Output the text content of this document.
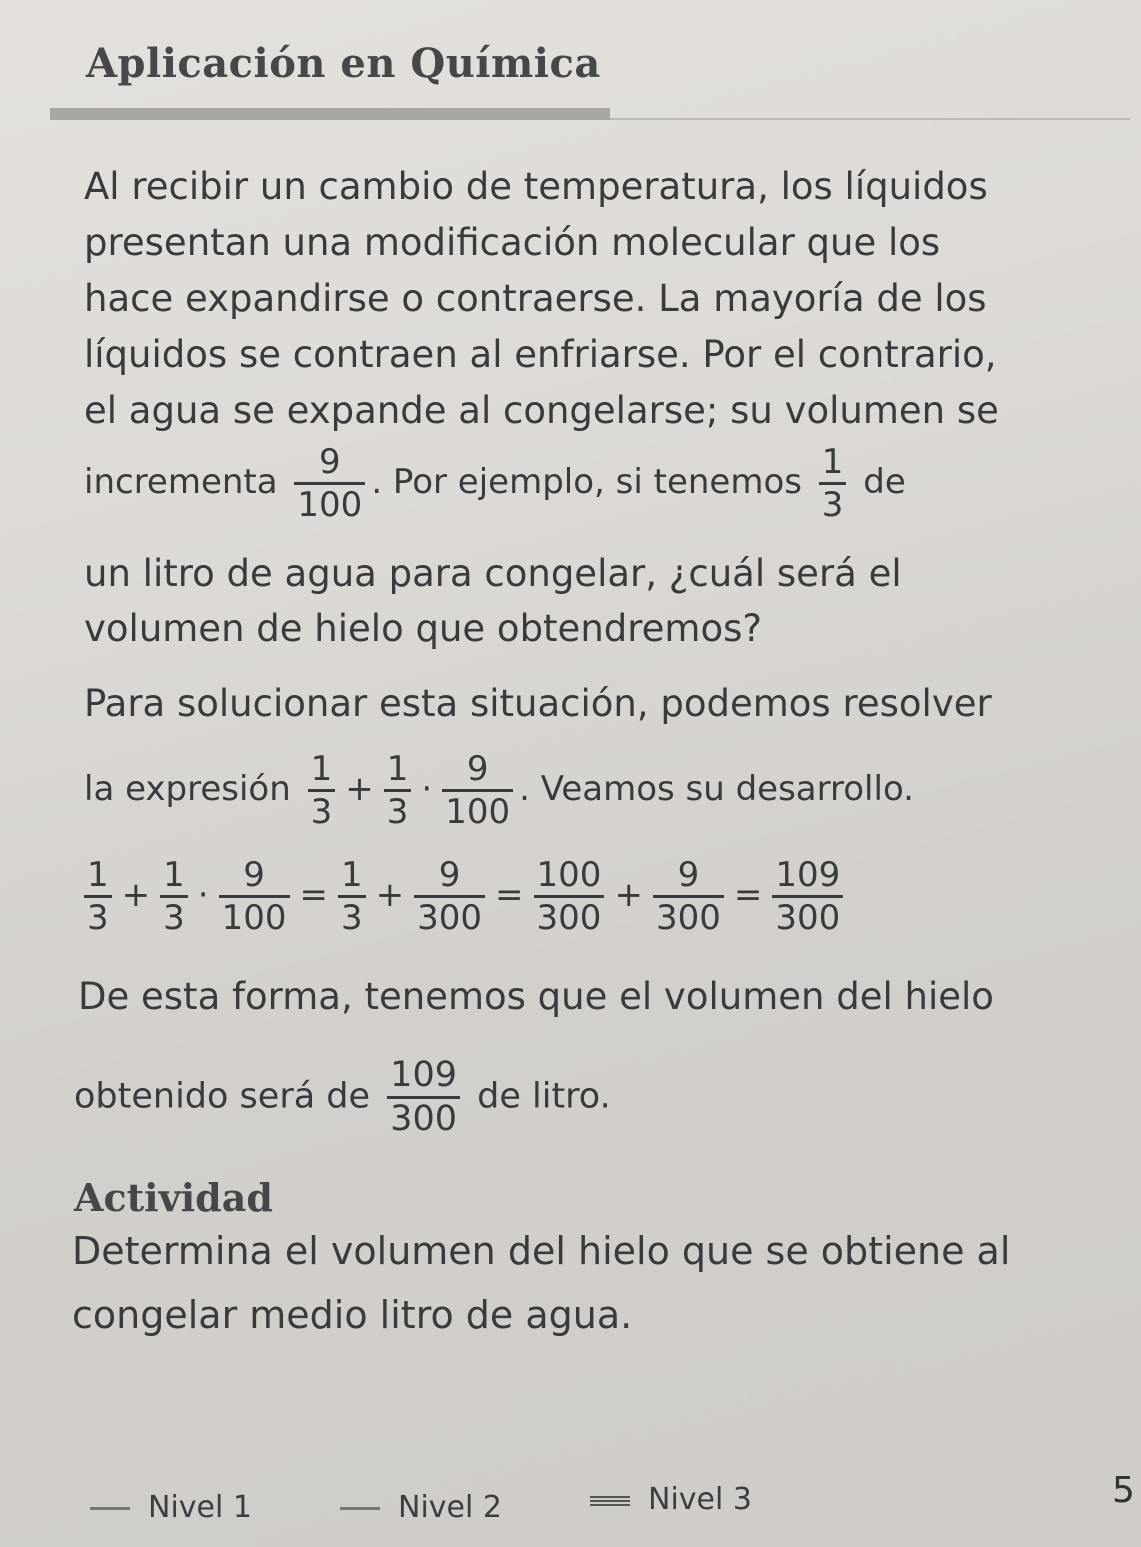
Aplicación en Química
Al recibir un cambio de temperatura, los líquidos
presentan una modificación molecular que los
hace expandirse o contraerse. La mayoría de los
líquidos se contraen al enfriarse. Por el contrario,
el agua se expande al congelarse; su volumen se
incrementa $\frac{9}{100}$ . Por ejemplo, si tenemos $\frac{1}{3}$ de
un litro de agua para congelar, ¿cuál será el
volumen de hielo que obtendremos?
Para solucionar esta situación, podemos resolver
la expresión $\frac{1}{3} + \frac{1}{3} \cdot \frac{9}{100}$ . Veamos su desarrollo.
$\frac{1}{3} + \frac{1}{3} \cdot \frac{9}{100} = \frac{1}{3} + \frac{9}{300} = \frac{100}{300} + \frac{9}{300} = \frac{109}{300}$
De esta forma, tenemos que el volumen del hielo
obtenido será de $\frac{109}{300}$ de litro.
Actividad
Determina el volumen del hielo que se obtiene al
congelar medio litro de agua.
Nivel 1	Nivel 2	Nivel 3	5
